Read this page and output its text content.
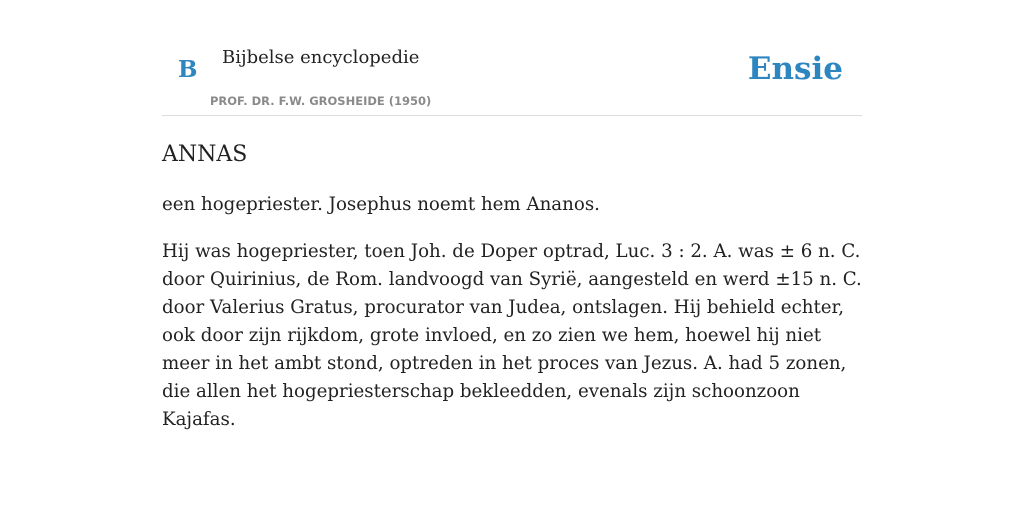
B Bijbelse encyclopedie
PROF. DR. F.W. GROSHEIDE (1950)
Ensie
ANNAS

een hogepriester. Josephus noemt hem Ananos.

Hij was hogepriester, toen Joh. de Doper optrad, Luc. 3 : 2. A. was ± 6 n. C. door Quirinius, de Rom. landvoogd van Syrië, aangesteld en werd ±15 n. C. door Valerius Gratus, procurator van Judea, ontslagen. Hij behield echter, ook door zijn rijkdom, grote invloed, en zo zien we hem, hoewel hij niet meer in het ambt stond, optreden in het proces van Jezus. A. had 5 zonen, die allen het hogepriesterschap bekleedden, evenals zijn schoonzoon Kajafas.
